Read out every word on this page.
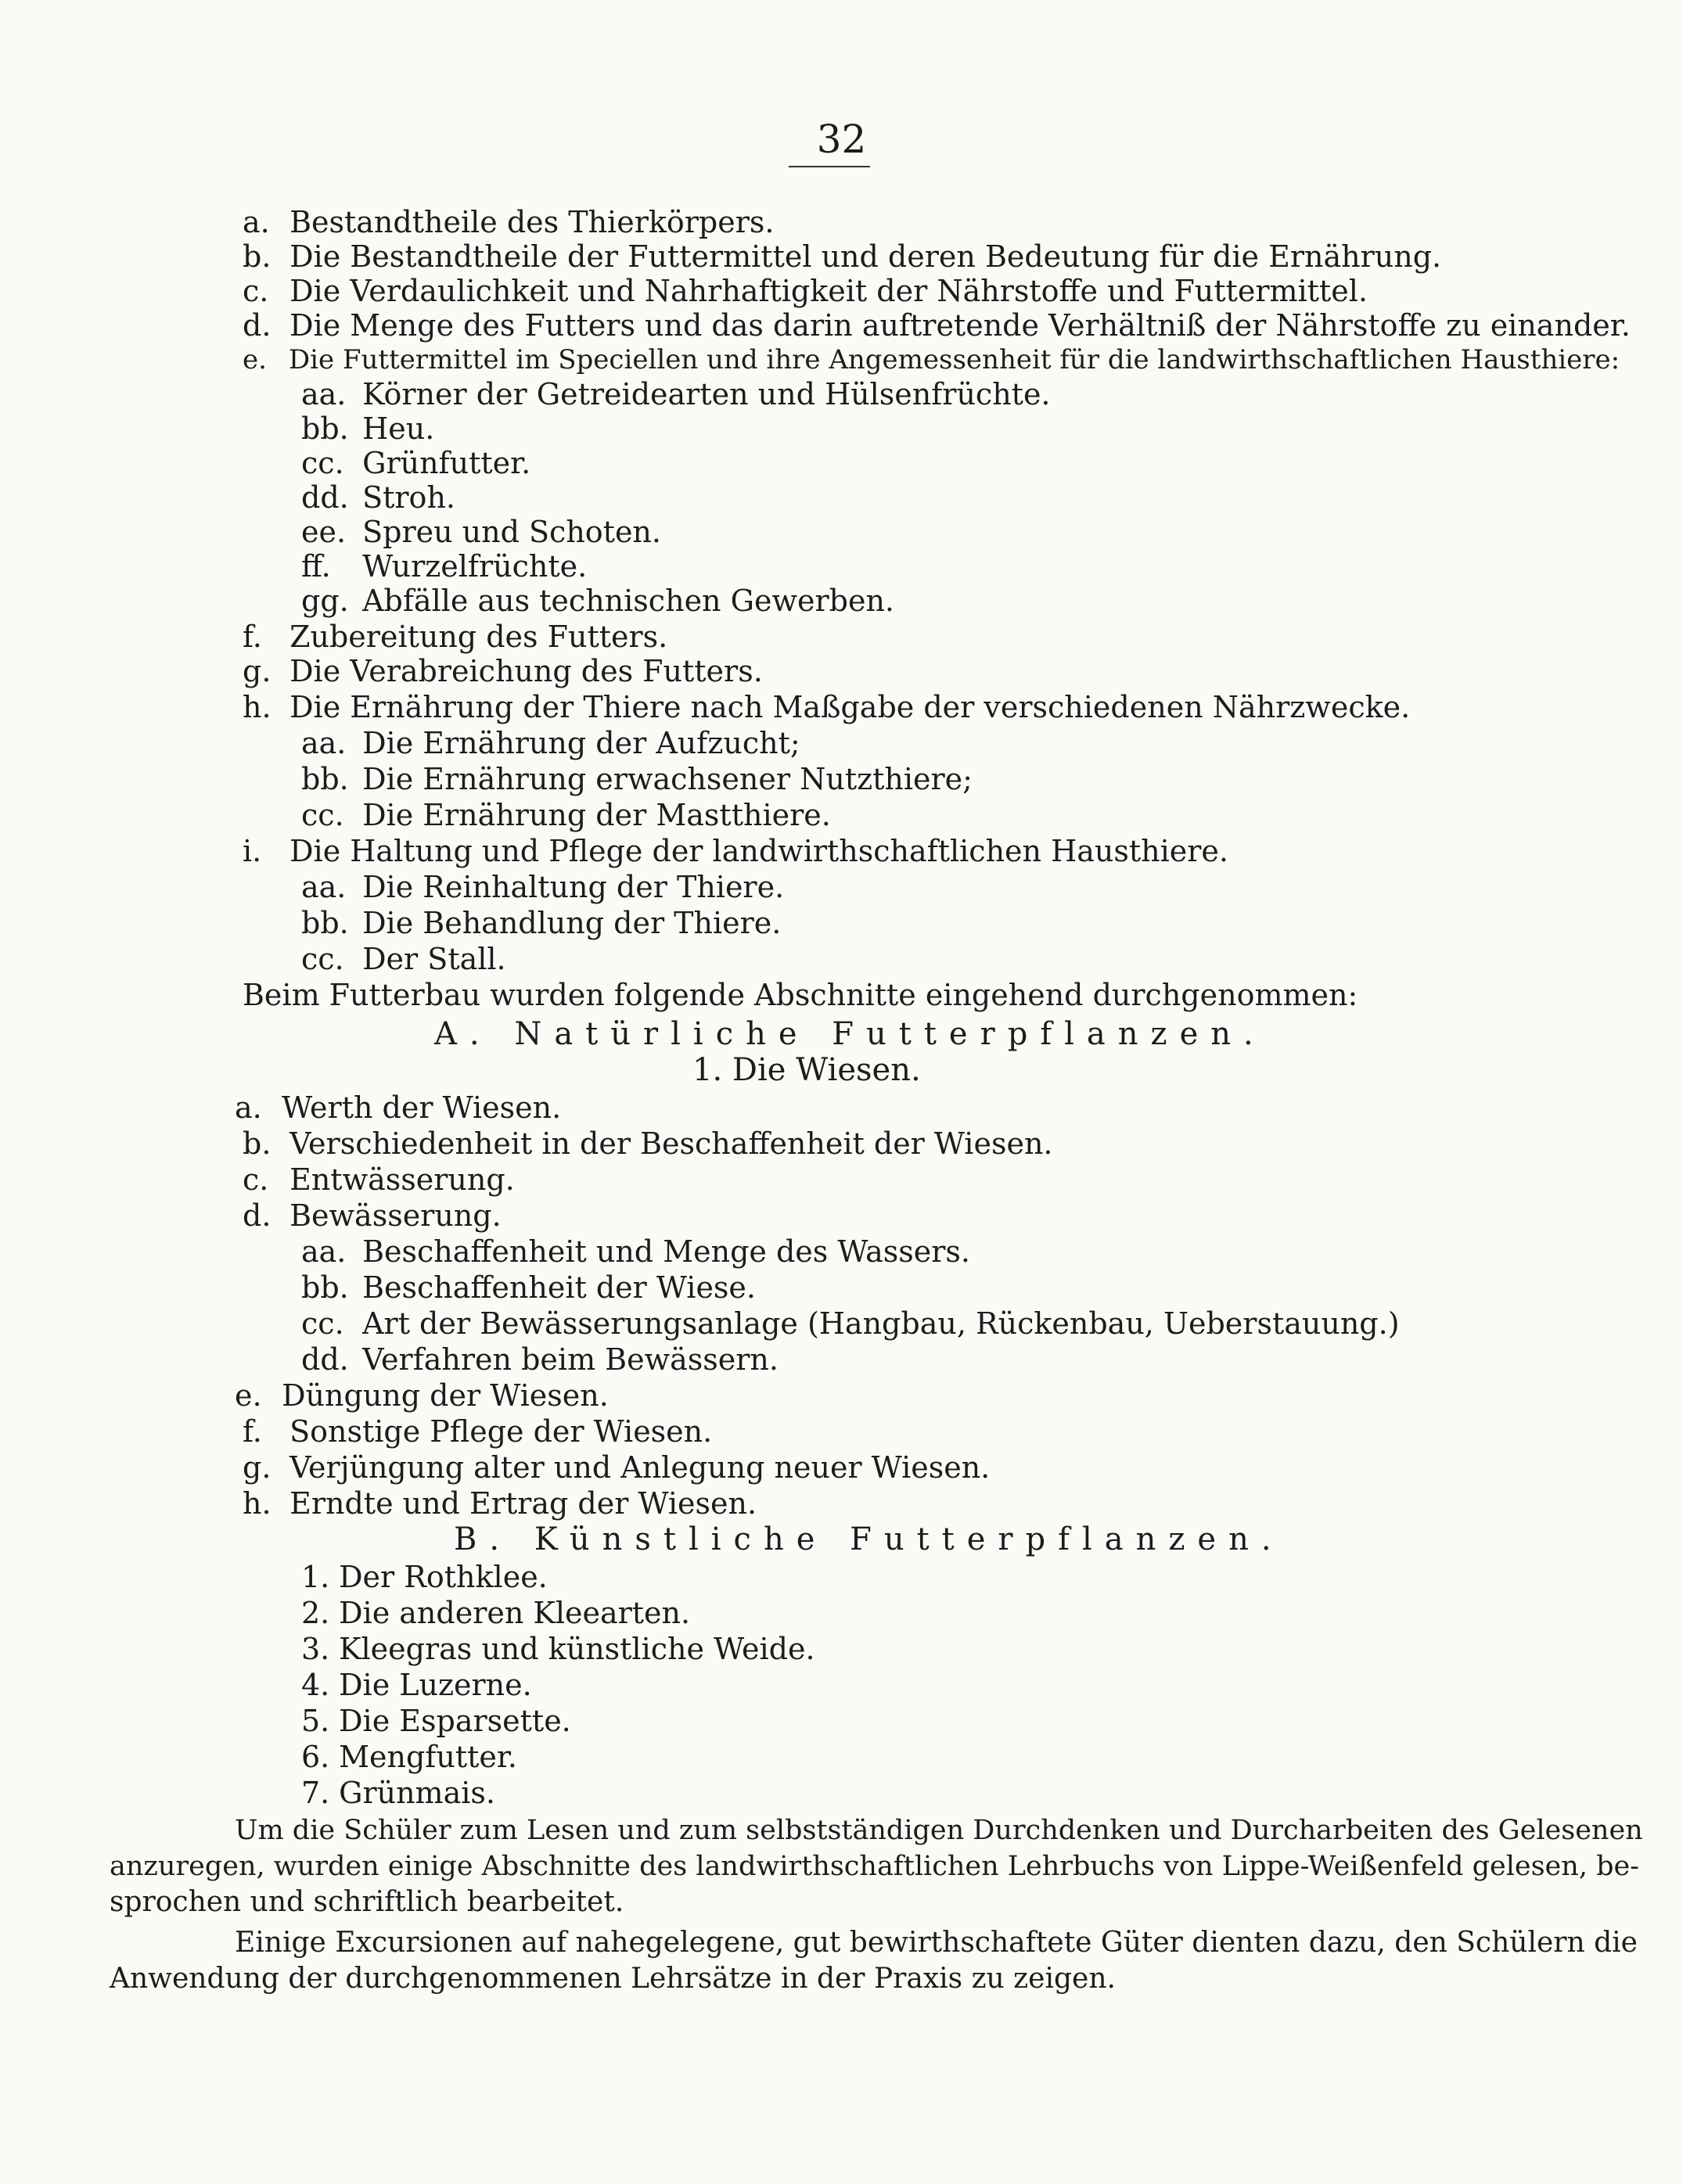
32
a. Bestandtheile des Thierkörpers.
b. Die Bestandtheile der Futtermittel und deren Bedeutung für die Ernährung.
c. Die Verdaulichkeit und Nahrhaftigkeit der Nährstoffe und Futtermittel.
d. Die Menge des Futters und das darin auftretende Verhältniß der Nährstoffe zu einander.
e. Die Futtermittel im Speciellen und ihre Angemessenheit für die landwirthschaftlichen Hausthiere:
aa. Körner der Getreidearten und Hülsenfrüchte.
bb. Heu.
cc. Grünfutter.
dd. Stroh.
ee. Spreu und Schoten.
ff. Wurzelfrüchte.
gg. Abfälle aus technischen Gewerben.
f. Zubereitung des Futters.
g. Die Verabreichung des Futters.
h. Die Ernährung der Thiere nach Maßgabe der verschiedenen Nährzwecke.
aa. Die Ernährung der Aufzucht;
bb. Die Ernährung erwachsener Nutzthiere;
cc. Die Ernährung der Mastthiere.
i. Die Haltung und Pflege der landwirthschaftlichen Hausthiere.
aa. Die Reinhaltung der Thiere.
bb. Die Behandlung der Thiere.
cc. Der Stall.
Beim Futterbau wurden folgende Abschnitte eingehend durchgenommen:
A. Natürliche Futterpflanzen.
1. Die Wiesen.
a. Werth der Wiesen.
b. Verschiedenheit in der Beschaffenheit der Wiesen.
c. Entwässerung.
d. Bewässerung.
aa. Beschaffenheit und Menge des Wassers.
bb. Beschaffenheit der Wiese.
cc. Art der Bewässerungsanlage (Hangbau, Rückenbau, Ueberstauung.)
dd. Verfahren beim Bewässern.
e. Düngung der Wiesen.
f. Sonstige Pflege der Wiesen.
g. Verjüngung alter und Anlegung neuer Wiesen.
h. Erndte und Ertrag der Wiesen.
B. Künstliche Futterpflanzen.
1. Der Rothklee.
2. Die anderen Kleearten.
3. Kleegras und künstliche Weide.
4. Die Luzerne.
5. Die Esparsette.
6. Mengfutter.
7. Grünmais.
Um die Schüler zum Lesen und zum selbstständigen Durchdenken und Durcharbeiten des Gelesenen
anzuregen, wurden einige Abschnitte des landwirthschaftlichen Lehrbuchs von Lippe-Weißenfeld gelesen, be-
sprochen und schriftlich bearbeitet.
Einige Excursionen auf nahegelegene, gut bewirthschaftete Güter dienten dazu, den Schülern die
Anwendung der durchgenommenen Lehrsätze in der Praxis zu zeigen.
